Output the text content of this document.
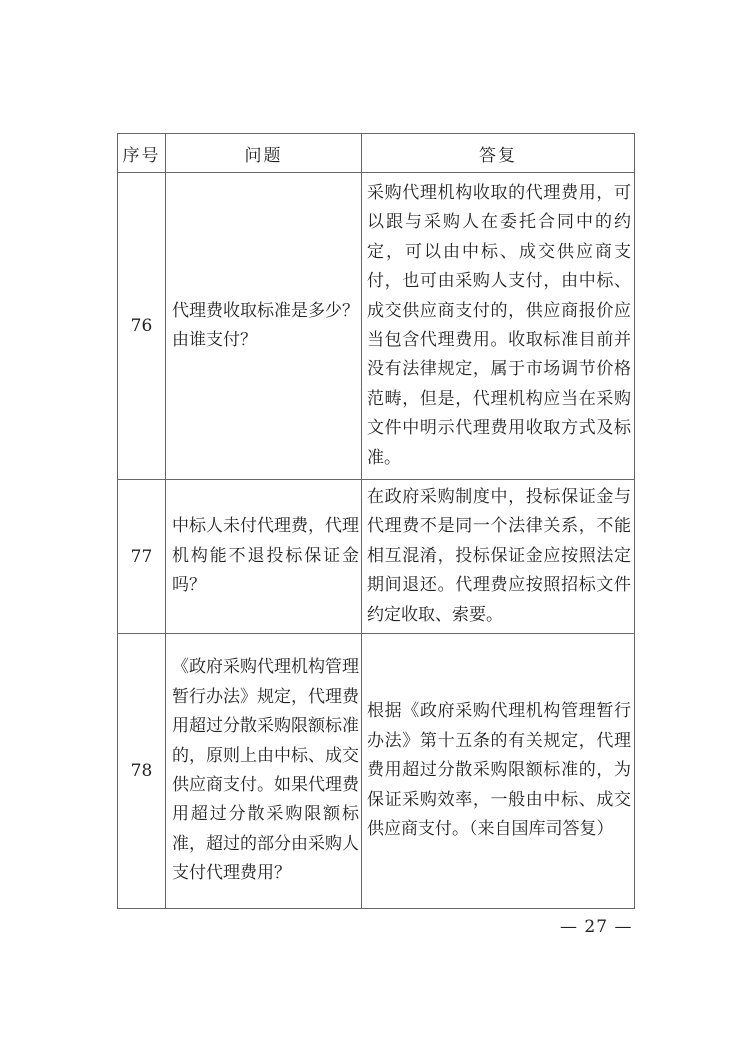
序号	问题	答复
76	代理费收取标准是多少？由谁支付？	采购代理机构收取的代理费用，可以跟与采购人在委托合同中的约定，可以由中标、成交供应商支付，也可由采购人支付，由中标、成交供应商支付的，供应商报价应当包含代理费用。收取标准目前并没有法律规定，属于市场调节价格范畴，但是，代理机构应当在采购文件中明示代理费用收取方式及标准。
77	中标人未付代理费，代理机构能不退投标保证金吗？	在政府采购制度中，投标保证金与代理费不是同一个法律关系，不能相互混淆，投标保证金应按照法定期间退还。代理费应按照招标文件约定收取、索要。
78	《政府采购代理机构管理暂行办法》规定，代理费用超过分散采购限额标准的，原则上由中标、成交供应商支付。如果代理费用超过分散采购限额标准，超过的部分由采购人支付代理费用？	根据《政府采购代理机构管理暂行办法》第十五条的有关规定，代理费用超过分散采购限额标准的，为保证采购效率，一般由中标、成交供应商支付。（来自国库司答复）
— 27 —
